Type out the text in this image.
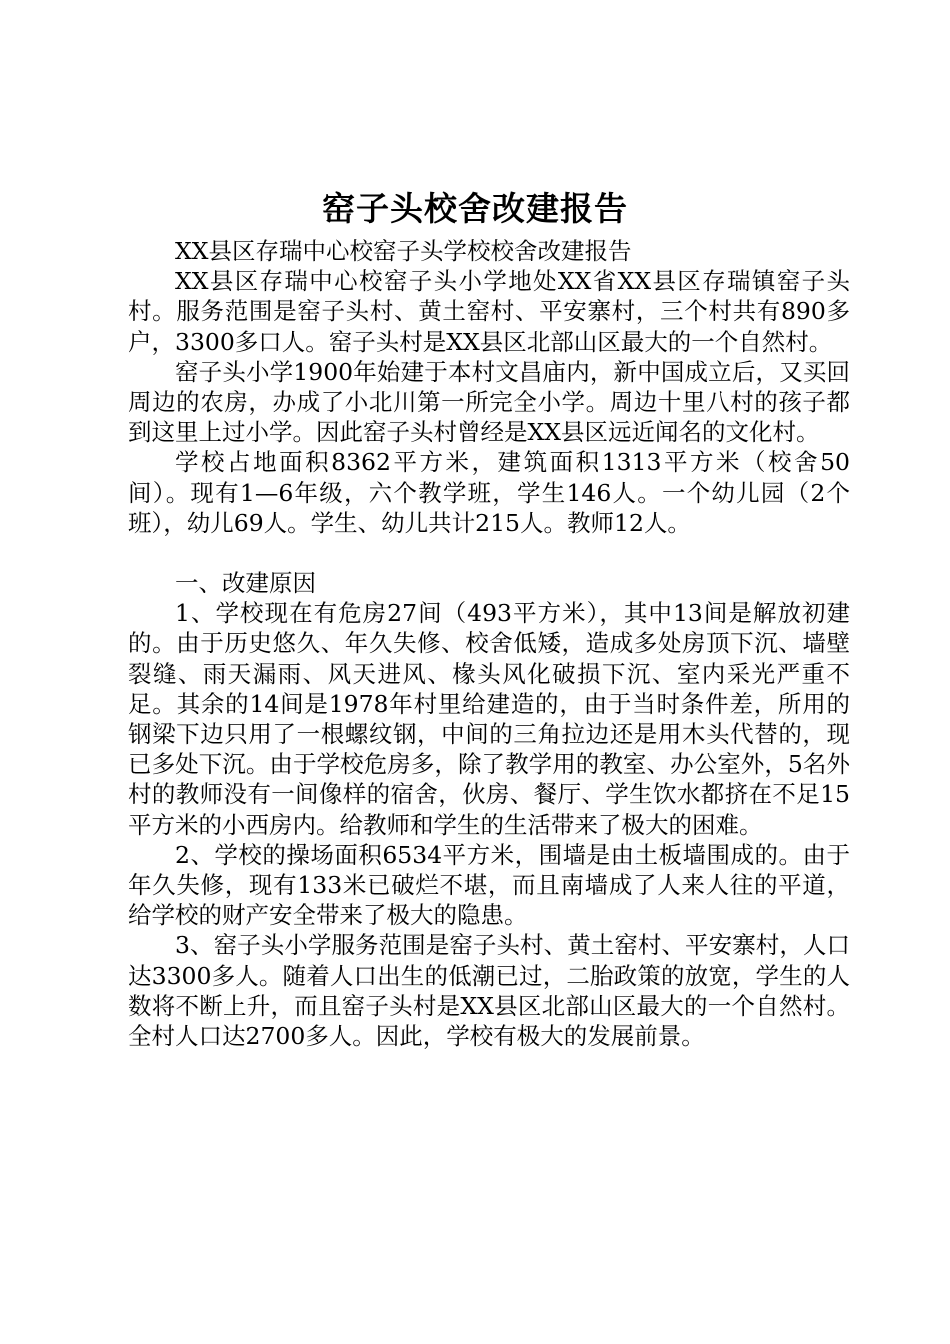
窑子头校舍改建报告

XX县区存瑞中心校窑子头学校校舍改建报告

XX县区存瑞中心校窑子头小学地处XX省XX县区存瑞镇窑子头村。服务范围是窑子头村、黄土窑村、平安寨村，三个村共有890多户，3300多口人。窑子头村是XX县区北部山区最大的一个自然村。

窑子头小学1900年始建于本村文昌庙内，新中国成立后，又买回周边的农房，办成了小北川第一所完全小学。周边十里八村的孩子都到这里上过小学。因此窑子头村曾经是XX县区远近闻名的文化村。

学校占地面积8362平方米，建筑面积1313平方米（校舍50间）。现有1—6年级，六个教学班，学生146人。一个幼儿园（2个班），幼儿69人。学生、幼儿共计215人。教师12人。

一、改建原因

1、学校现在有危房27间（493平方米），其中13间是解放初建的。由于历史悠久、年久失修、校舍低矮，造成多处房顶下沉、墙壁裂缝、雨天漏雨、风天进风、椽头风化破损下沉、室内采光严重不足。其余的14间是1978年村里给建造的，由于当时条件差，所用的钢梁下边只用了一根螺纹钢，中间的三角拉边还是用木头代替的，现已多处下沉。由于学校危房多，除了教学用的教室、办公室外，5名外村的教师没有一间像样的宿舍，伙房、餐厅、学生饮水都挤在不足15平方米的小西房内。给教师和学生的生活带来了极大的困难。

2、学校的操场面积6534平方米，围墙是由土板墙围成的。由于年久失修，现有133米已破烂不堪，而且南墙成了人来人往的平道，给学校的财产安全带来了极大的隐患。

3、窑子头小学服务范围是窑子头村、黄土窑村、平安寨村，人口达3300多人。随着人口出生的低潮已过，二胎政策的放宽，学生的人数将不断上升，而且窑子头村是XX县区北部山区最大的一个自然村。全村人口达2700多人。因此，学校有极大的发展前景。
